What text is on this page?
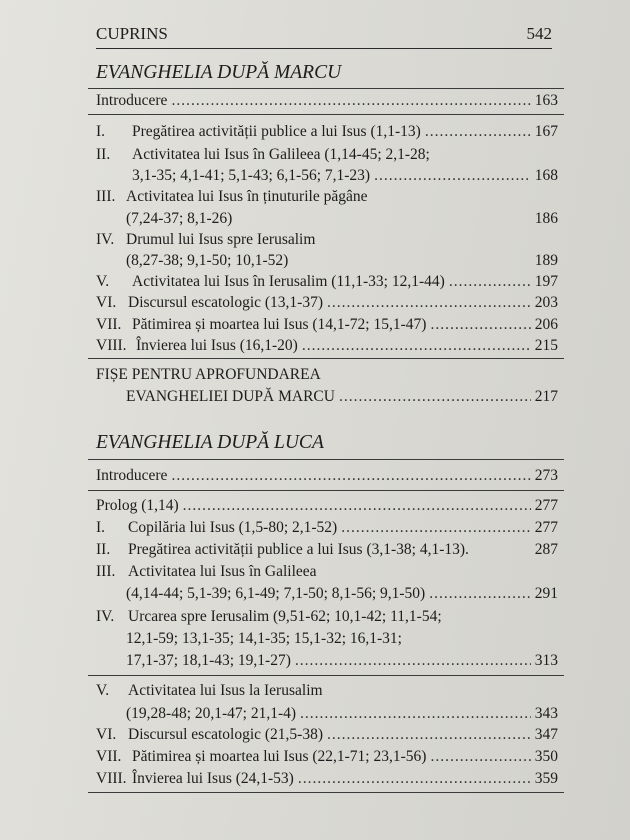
CUPRINS	542
EVANGHELIA DUPĂ MARCU
Introducere .....	163
I.	Pregătirea activității publice a lui Isus (1,1-13) .....	167
II. Activitatea lui Isus în Galileea (1,14-45; 2,1-28;
3,1-35; 4,1-41; 5,1-43; 6,1-56; 7,1-23) .....	168
III. Activitatea lui Isus în ținuturile păgâne
(7,24-37; 8,1-26)	186
IV. Drumul lui Isus spre Ierusalim
(8,27-38; 9,1-50; 10,1-52)	189
V.	Activitatea lui Isus în Ierusalim (11,1-33; 12,1-44) .....	197
VI. Discursul escatologic (13,1-37) .....	203
VII. Pătimirea și moartea lui Isus (14,1-72; 15,1-47) .....	206
VIII. Învierea lui Isus (16,1-20) .....	215
FIȘE PENTRU APROFUNDAREA
EVANGHELIEI DUPĂ MARCU .....	217
EVANGHELIA DUPĂ LUCA
Introducere .....	273
Prolog (1,14) .....	277
I.	Copilăria lui Isus (1,5-80; 2,1-52) .....	277
II.	Pregătirea activității publice a lui Isus (3,1-38; 4,1-13).	287
III. Activitatea lui Isus în Galileea
(4,14-44; 5,1-39; 6,1-49; 7,1-50; 8,1-56; 9,1-50) .....	291
IV. Urcarea spre Ierusalim (9,51-62; 10,1-42; 11,1-54;
12,1-59; 13,1-35; 14,1-35; 15,1-32; 16,1-31;
17,1-37; 18,1-43; 19,1-27) .....	313
V. Activitatea lui Isus la Ierusalim
(19,28-48; 20,1-47; 21,1-4) .....	343
VI. Discursul escatologic (21,5-38) .....	347
VII. Pătimirea și moartea lui Isus (22,1-71; 23,1-56) .....	350
VIII. Învierea lui Isus (24,1-53) .....	359
